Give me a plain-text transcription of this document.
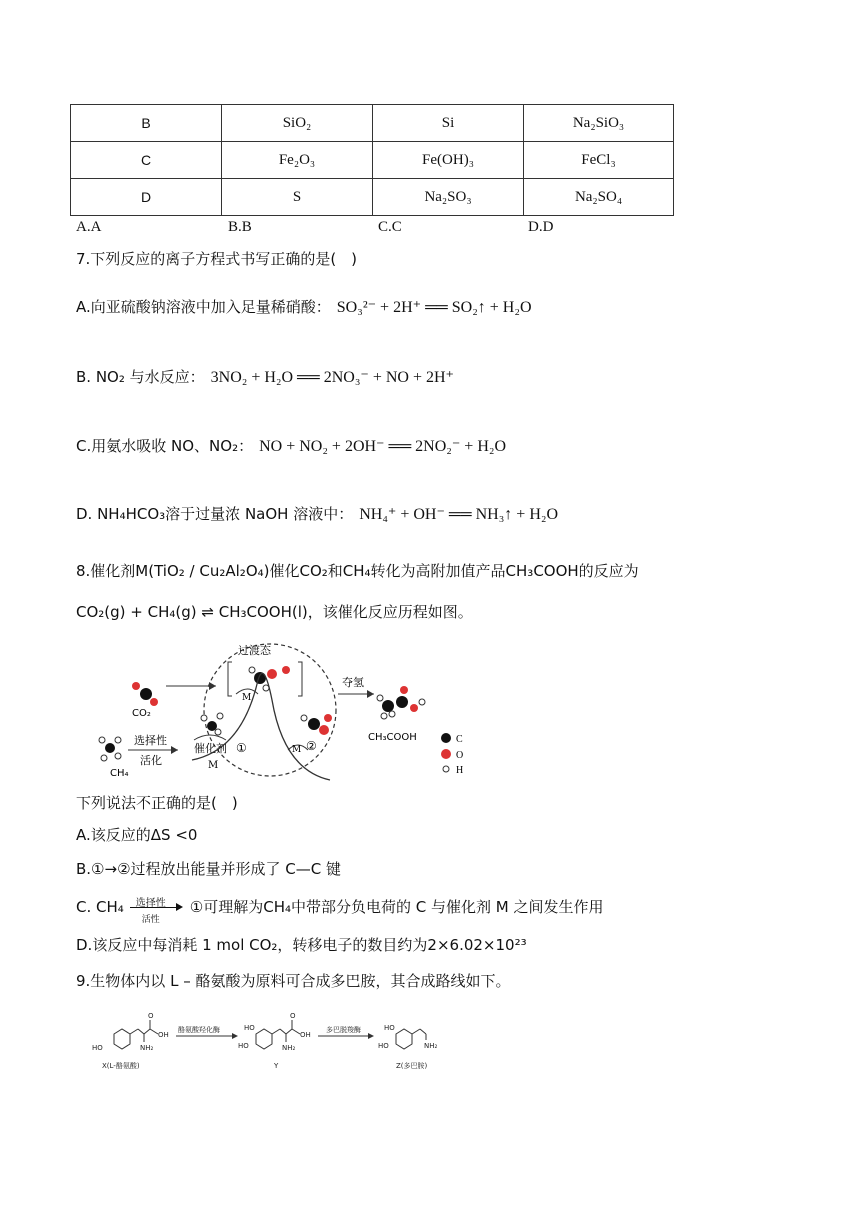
B	SiO₂	Si	Na₂SiO₃
C	Fe₂O₃	Fe(OH)₃	FeCl₃
D	S	Na₂SO₃	Na₂SO₄
A.A	B.B	C.C	D.D
7.下列反应的离子方程式书写正确的是(　)
A.向亚硫酸钠溶液中加入足量稀硝酸： SO₃²⁻ + 2H⁺ ══ SO₂↑ + H₂O
B. NO₂ 与水反应： 3NO₂ + H₂O ══ 2NO₃⁻ + NO + 2H⁺
C.用氨水吸收 NO、NO₂： NO + NO₂ + 2OH⁻ ══ 2NO₂⁻ + H₂O
D. NH₄HCO₃溶于过量浓 NaOH 溶液中： NH₄⁺ + OH⁻ ══ NH₃↑ + H₂O
8.催化剂M(TiO₂ / Cu₂Al₂O₄)催化CO₂和CH₄转化为高附加值产品CH₃COOH的反应为
CO₂(g) + CH₄(g) ⇌ CH₃COOH(l)，该催化反应历程如图。
CO₂
CH₄
选择性
活化
催化剂 ①
M
过渡态
M
M ②
夺氢
CH₃COOH	C
O
H
下列说法不正确的是(　)
A.该反应的ΔS <0
B.①→②过程放出能量并形成了 C—C 键
C. CH₄ 选择性
活性
①可理解为CH₄中带部分负电荷的 C 与催化剂 M 之间发生作用
D.该反应中每消耗 1 mol CO₂，转移电子的数目约为2×6.02×10²³
9.生物体内以 L – 酪氨酸为原料可合成多巴胺，其合成路线如下。
HO
O
OH
NH₂
X(L-酪氨酸)
酪氨酸羟化酶	HO
HO
O
OH
NH₂
Y
多巴脱羧酶	HO
HO	NH₂
Z(多巴胺)
